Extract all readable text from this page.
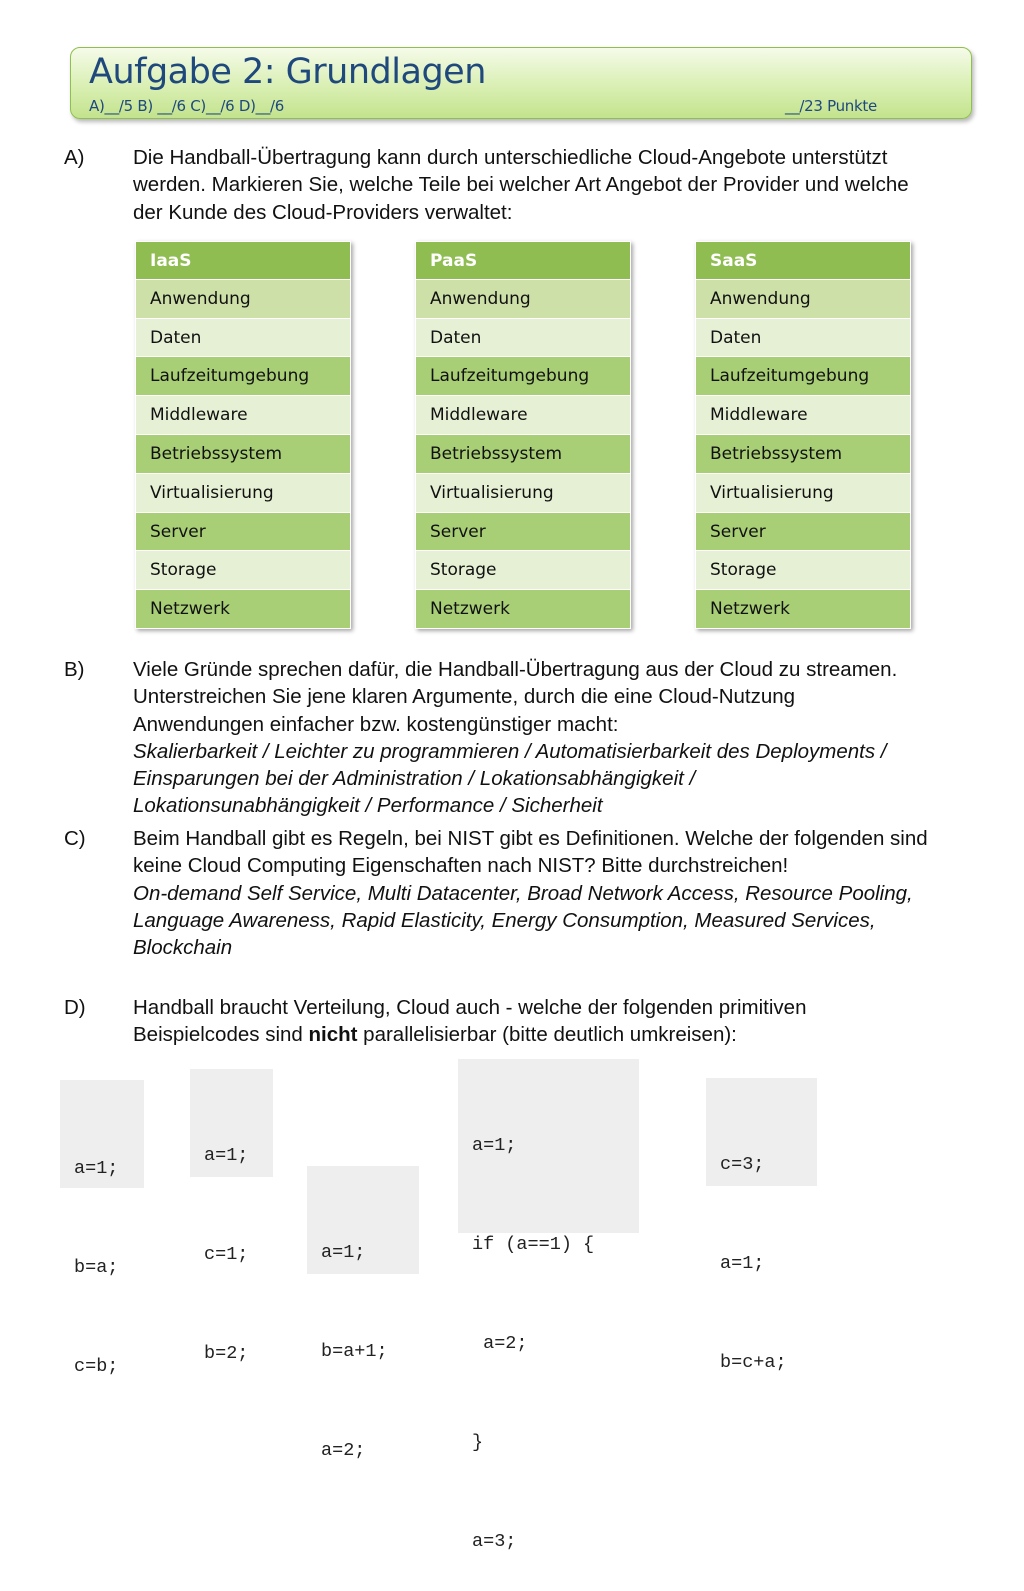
Aufgabe 2: Grundlagen
A)__/5 B) __/6 C)__/6 D)__/6	__/23 Punkte
A) Die Handball-Übertragung kann durch unterschiedliche Cloud-Angebote unterstützt werden. Markieren Sie, welche Teile bei welcher Art Angebot der Provider und welche der Kunde des Cloud-Providers verwaltet:
IaaS
Anwendung
Daten
Laufzeitumgebung
Middleware
Betriebssystem
Virtualisierung
Server
Storage
Netzwerk
PaaS
Anwendung
Daten
Laufzeitumgebung
Middleware
Betriebssystem
Virtualisierung
Server
Storage
Netzwerk
SaaS
Anwendung
Daten
Laufzeitumgebung
Middleware
Betriebssystem
Virtualisierung
Server
Storage
Netzwerk
B) Viele Gründe sprechen dafür, die Handball-Übertragung aus der Cloud zu streamen. Unterstreichen Sie jene klaren Argumente, durch die eine Cloud-Nutzung Anwendungen einfacher bzw. kostengünstiger macht:
Skalierbarkeit / Leichter zu programmieren / Automatisierbarkeit des Deployments / Einsparungen bei der Administration / Lokationsabhängigkeit / Lokationsunabhängigkeit / Performance / Sicherheit
C) Beim Handball gibt es Regeln, bei NIST gibt es Definitionen. Welche der folgenden sind keine Cloud Computing Eigenschaften nach NIST? Bitte durchstreichen!
On-demand Self Service, Multi Datacenter, Broad Network Access, Resource Pooling, Language Awareness, Rapid Elasticity, Energy Consumption, Measured Services, Blockchain
D) Handball braucht Verteilung, Cloud auch - welche der folgenden primitiven Beispielcodes sind nicht parallelisierbar (bitte deutlich umkreisen):

a=1;

b=a;

c=b;

a=1;

c=1;

b=2;

a=1;

b=a+1;

a=2;

a=1;

if (a==1) {

a=2;

}

a=3;

c=3;

a=1;

b=c+a;
